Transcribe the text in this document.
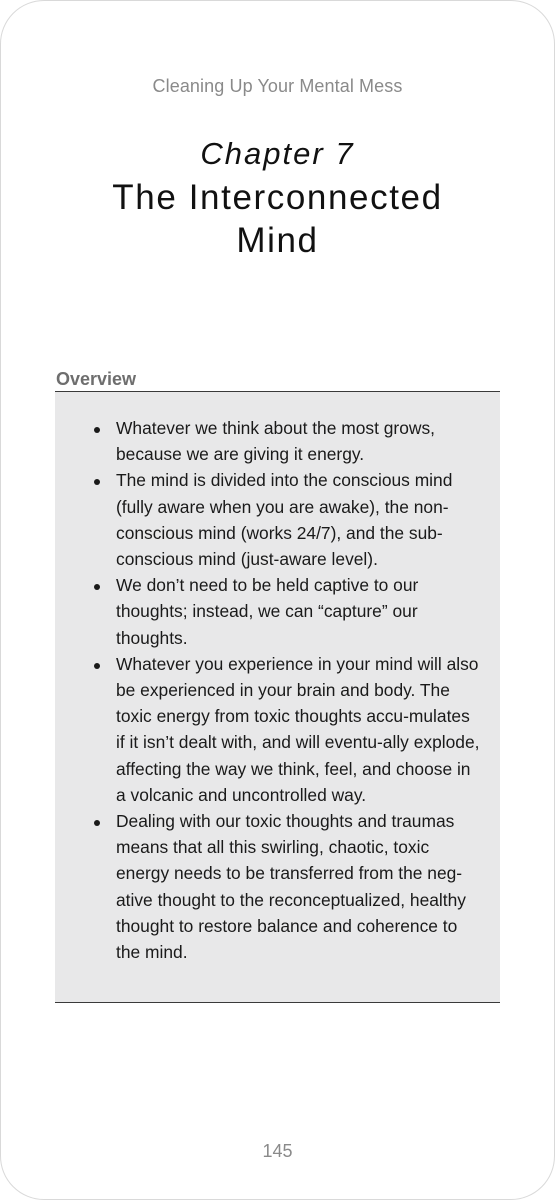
Cleaning Up Your Mental Mess
Chapter 7
The Interconnected
Mind
Overview
Whatever we think about the most grows, because we are giving it energy.
The mind is divided into the conscious mind (fully aware when you are awake), the non-conscious mind (works 24/7), and the sub-conscious mind (just-aware level).
We don’t need to be held captive to our thoughts; instead, we can “capture” our thoughts.
Whatever you experience in your mind will also be experienced in your brain and body. The toxic energy from toxic thoughts accu-mulates if it isn’t dealt with, and will eventu-ally explode, affecting the way we think, feel, and choose in a volcanic and uncontrolled way.
Dealing with our toxic thoughts and traumas means that all this swirling, chaotic, toxic energy needs to be transferred from the neg-ative thought to the reconceptualized, healthy thought to restore balance and coherence to the mind.
145
